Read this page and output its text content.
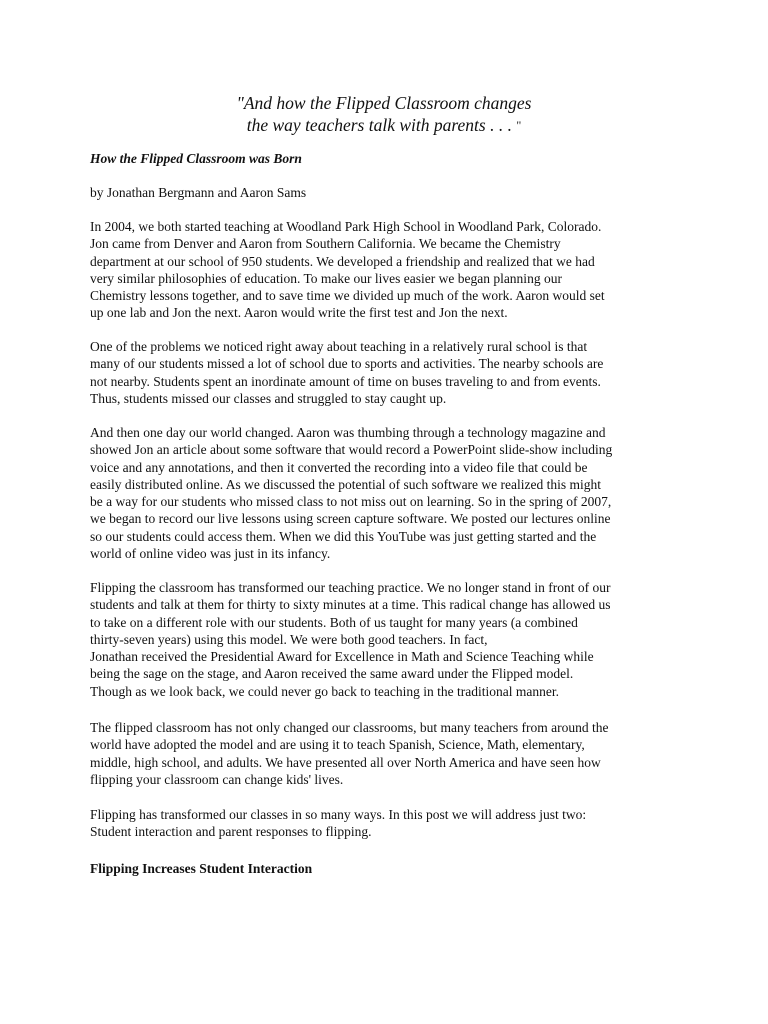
"And how the Flipped Classroom changes
the way teachers talk with parents . . . "
How the Flipped Classroom was Born
by Jonathan Bergmann and Aaron Sams
In 2004, we both started teaching at Woodland Park High School in Woodland Park, Colorado.
Jon came from Denver and Aaron from Southern California. We became the Chemistry
department at our school of 950 students. We developed a friendship and realized that we had
very similar philosophies of education. To make our lives easier we began planning our
Chemistry lessons together, and to save time we divided up much of the work. Aaron would set
up one lab and Jon the next. Aaron would write the first test and Jon the next.
One of the problems we noticed right away about teaching in a relatively rural school is that
many of our students missed a lot of school due to sports and activities. The nearby schools are
not nearby. Students spent an inordinate amount of time on buses traveling to and from events.
Thus, students missed our classes and struggled to stay caught up.
And then one day our world changed. Aaron was thumbing through a technology magazine and
showed Jon an article about some software that would record a PowerPoint slide-show including
voice and any annotations, and then it converted the recording into a video file that could be
easily distributed online. As we discussed the potential of such software we realized this might
be a way for our students who missed class to not miss out on learning. So in the spring of 2007,
we began to record our live lessons using screen capture software. We posted our lectures online
so our students could access them. When we did this YouTube was just getting started and the
world of online video was just in its infancy.
Flipping the classroom has transformed our teaching practice. We no longer stand in front of our
students and talk at them for thirty to sixty minutes at a time. This radical change has allowed us
to take on a different role with our students. Both of us taught for many years (a combined
thirty-seven years) using this model. We were both good teachers. In fact,
Jonathan received the Presidential Award for Excellence in Math and Science Teaching while
being the sage on the stage, and Aaron received the same award under the Flipped model.
Though as we look back, we could never go back to teaching in the traditional manner.
The flipped classroom has not only changed our classrooms, but many teachers from around the
world have adopted the model and are using it to teach Spanish, Science, Math, elementary,
middle, high school, and adults. We have presented all over North America and have seen how
flipping your classroom can change kids' lives.
Flipping has transformed our classes in so many ways. In this post we will address just two:
Student interaction and parent responses to flipping.
Flipping Increases Student Interaction
